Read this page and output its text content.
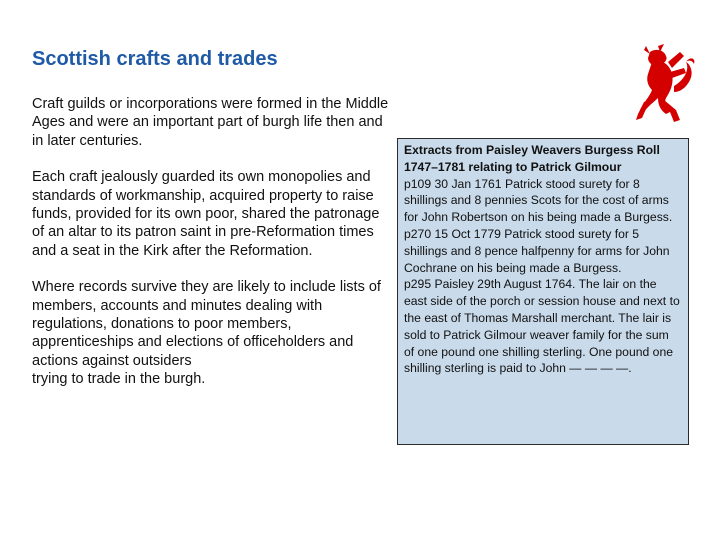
Scottish crafts and trades

Craft guilds or incorporations were formed in the Middle Ages and were an important part of burgh life then and in later centuries.

Each craft jealously guarded its own monopolies and standards of workmanship, acquired property to raise funds, provided for its own poor, shared the patronage of an altar to its patron saint in pre-Reformation times and a seat in the Kirk after the Reformation.

Where records survive they are likely to include lists of members, accounts and minutes dealing with regulations, donations to poor members, apprenticeships and elections of officeholders and actions against outsiders
trying to trade in the burgh.

Extracts from Paisley Weavers Burgess Roll 1747–1781 relating to Patrick Gilmour
p109 30 Jan 1761 Patrick stood surety for 8 shillings and 8 pennies Scots for the cost of arms for John Robertson on his being made a Burgess.
p270 15 Oct 1779 Patrick stood surety for 5 shillings and 8 pence halfpenny for arms for John Cochrane on his being made a Burgess.
p295 Paisley 29th August 1764. The lair on the east side of the porch or session house and next to the east of Thomas Marshall merchant. The lair is sold to Patrick Gilmour weaver family for the sum of one pound one shilling sterling. One pound one shilling sterling is paid to John — — — —.
